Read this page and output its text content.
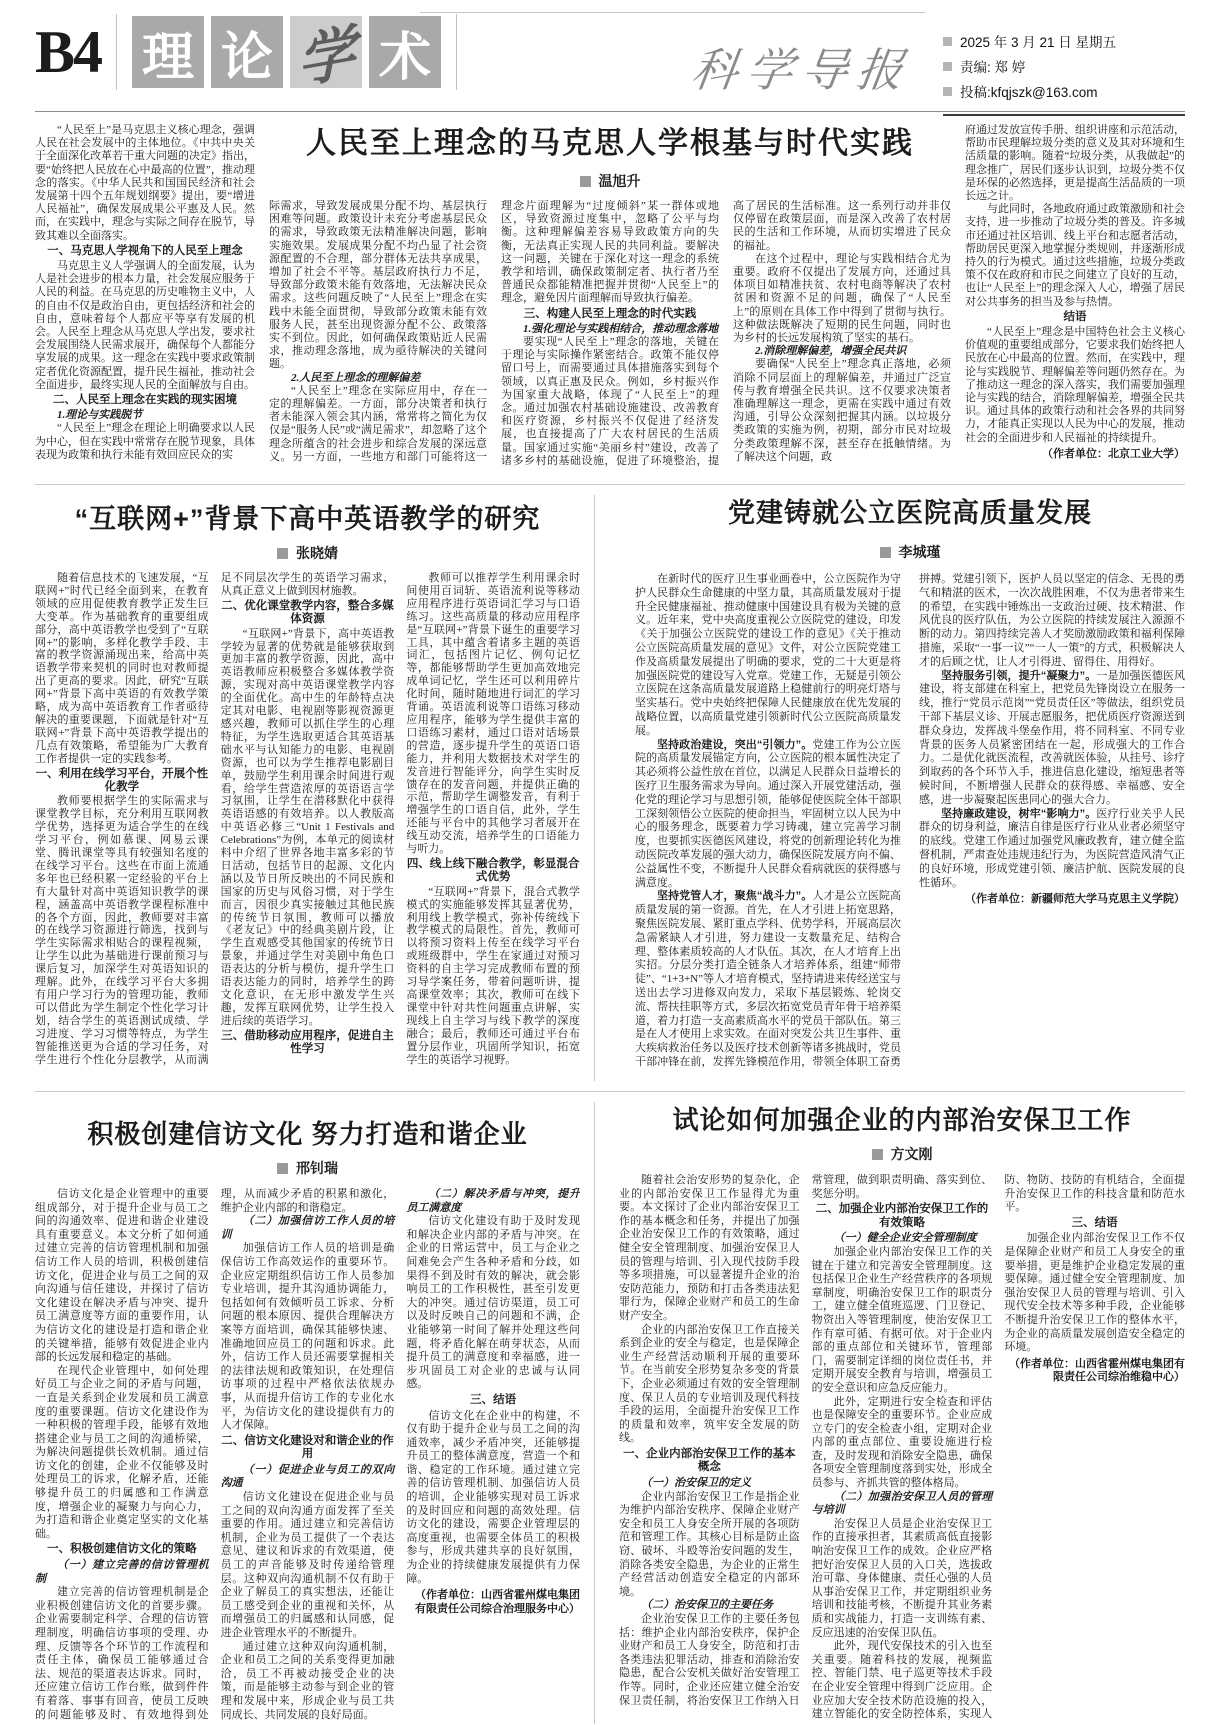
B4 理 论 学 术	科学导报
2025 年 3 月 21 日 星期五
责编: 郑 婷
投稿:kfqjszk@163.com
“人民至上”是马克思主义核心理念，强调人民在社会发展中的主体地位。《中共中央关于全面深化改革若干重大问题的决定》指出，要“始终把人民放在心中最高的位置”，推动理念的落实。《中华人民共和国国民经济和社会发展第十四个五年规划纲要》提出，要“增进人民福祉”，确保发展成果公平惠及人民。然而，在实践中，理念与实际之间存在脱节，导致其难以全面落实。
一、马克思人学视角下的人民至上理念
马克思主义人学强调人的全面发展，认为人是社会进步的根本力量，社会发展应服务于人民的利益。在马克思的历史唯物主义中，人的自由不仅是政治自由，更包括经济和社会的自由，意味着每个人都应平等享有发展的机会。人民至上理念从马克思人学出发，要求社会发展围绕人民需求展开，确保每个人都能分享发展的成果。这一理念在实践中要求政策制定者优化资源配置，提升民生福祉，推动社会全面进步，最终实现人民的全面解放与自由。
二、人民至上理念在实践的现实困境
1.理论与实践脱节
“人民至上”理念在理论上明确要求以人民为中心，但在实践中常常存在脱节现象，具体表现为政策和执行未能有效回应民众的实
人民至上理念的马克思人学根基与时代实践
温旭升
际需求，导致发展成果分配不均、基层执行困难等问题。政策设计未充分考虑基层民众的需求，导致政策无法精准解决问题，影响实施效果。发展成果分配不均凸显了社会资源配置的不合理，部分群体无法共享成果，增加了社会不平等。基层政府执行力不足，导致部分政策未能有效落地，无法解决民众需求。这些问题反映了“人民至上”理念在实践中未能全面贯彻，导致部分政策未能有效服务人民，甚至出现资源分配不公、政策落实不到位。因此，如何确保政策贴近人民需求，推动理念落地，成为亟待解决的关键问题。
2.人民至上理念的理解偏差
“人民至上”理念在实际应用中，存在一定的理解偏差。一方面，部分决策者和执行者未能深入领会其内涵，常常将之简化为仅仅是“服务人民”或“满足需求”，却忽略了这个理念所蕴含的社会进步和综合发展的深远意义。另一方面，一些地方和部门可能将这一理念片面理解为“过度倾斜”某一群体或地区，导致资源过度集中，忽略了公平与均衡。这种理解偏差容易导致政策方向的失衡，无法真正实现人民的共同利益。要解决这一问题，关键在于深化对这一理念的系统教学和培训，确保政策制定者、执行者乃至普通民众都能精准把握并贯彻“人民至上”的理念，避免因片面理解而导致执行偏差。
三、构建人民至上理念的时代实践
1.强化理论与实践相结合，推动理念落地
要实现“人民至上”理念的落地，关键在于理论与实际操作紧密结合。政策不能仅停留口号上，而需要通过具体措施落实到每个领域，以真正惠及民众。例如，乡村振兴作为国家重大战略，体现了“人民至上”的理念。通过加强农村基础设施建设、改善教育和医疗资源，乡村振兴不仅促进了经济发展，也直接提高了广大农村居民的生活质量。国家通过实施“美丽乡村”建设，改善了诸多乡村的基础设施，促进了环境整治，提高了居民的生活标准。这一系列行动并非仅仅停留在政策层面，而是深入改善了农村居民的生活和工作环境，从而切实增进了民众的福祉。
在这个过程中，理论与实践相结合尤为重要。政府不仅提出了发展方向，还通过具体项目如精准扶贫、农村电商等解决了农村贫困和资源不足的问题，确保了“人民至上”的原则在具体工作中得到了贯彻与执行。这种做法既解决了短期的民生问题，同时也为乡村的长远发展构筑了坚实的基石。
2.消除理解偏差，增强全民共识
要确保“人民至上”理念真正落地，必须消除不同层面上的理解偏差，并通过广泛宣传与教育增强全民共识。这不仅要求决策者准确理解这一理念，更需在实践中通过有效沟通，引导公众深刻把握其内涵。以垃圾分类政策的实施为例，初期，部分市民对垃圾分类政策理解不深，甚至存在抵触情绪。为了解决这个问题，政
府通过发放宣传手册、组织讲座和示范活动，帮助市民理解垃圾分类的意义及其对环境和生活质量的影响。随着“垃圾分类，从我做起”的理念推广，居民们逐步认识到，垃圾分类不仅是环保的必然选择，更是提高生活品质的一项长远之计。
与此同时，各地政府通过政策激励和社会支持，进一步推动了垃圾分类的普及。许多城市还通过社区培训、线上平台和志愿者活动，帮助居民更深入地掌握分类规则，并逐渐形成持久的行为模式。通过这些措施，垃圾分类政策不仅在政府和市民之间建立了良好的互动，也让“人民至上”的理念深入人心，增强了居民对公共事务的担当及参与热情。
结语
“人民至上”理念是中国特色社会主义核心价值观的重要组成部分，它要求我们始终把人民放在心中最高的位置。然而，在实践中，理论与实践脱节、理解偏差等问题仍然存在。为了推动这一理念的深入落实，我们需要加强理论与实践的结合，消除理解偏差，增强全民共识。通过具体的政策行动和社会各界的共同努力，才能真正实现以人民为中心的发展，推动社会的全面进步和人民福祉的持续提升。
（作者单位：北京工业大学）
“互联网+”背景下高中英语教学的研究
张晓婧
随着信息技术的飞速发展，“互联网+”时代已经全面到来，在教育领域的应用促使教育教学正发生巨大变革。作为基础教育的重要组成部分，高中英语教学也受到了“互联网+”的影响，多样化教学手段、丰富的教学资源涌现出来，给高中英语教学带来契机的同时也对教师提出了更高的要求。因此，研究“互联网+”背景下高中英语的有效教学策略，成为高中英语教育工作者亟待解决的重要课题，下面就是针对“互联网+”背景下高中英语教学提出的几点有效策略，希望能为广大教育工作者提供一定的实践参考。
一、利用在线学习平台，开展个性化教学
教师要根据学生的实际需求与课堂教学目标，充分利用互联网教学优势，选择更为适合学生的在线学习平台，例如慕课、网易云课堂、腾讯课堂等具有较强知名度的在线学习平台。这些在市面上流通多年也已经积累一定经验的平台上有大量针对高中英语知识教学的课程，涵盖高中英语教学课程标准中的各个方面，因此，教师要对丰富的在线学习资源进行筛选，找到与学生实际需求相贴合的课程视频，让学生以此为基础进行课前预习与课后复习，加深学生对英语知识的理解。此外，在线学习平台大多拥有用户学习行为的管理功能，教师可以借此为学生制定个性化学习计划，结合学生的英语测试成绩、学习进度、学习习惯等特点，为学生智能推送更为合适的学习任务，对学生进行个性化分层教学，从而满足不同层次学生的英语学习需求，从真正意义上做到因材施教。
二、优化课堂教学内容，整合多媒体资源
“互联网+”背景下，高中英语教学较为显著的优势就是能够获取到更加丰富的教学资源，因此，高中英语教师应积极整合多媒体教学资源，实现对高中英语课堂教学内容的全面优化。高中生的年龄特点决定其对电影、电视剧等影视资源更感兴趣，教师可以抓住学生的心理特征，为学生选取更适合其英语基础水平与认知能力的电影、电视剧资源，也可以为学生推荐电影剧目单，鼓励学生利用课余时间进行观看，给学生营造浓厚的英语语言学习氛围，让学生在潜移默化中获得英语语感的有效培养。以人教版高中英语必修三“Unit 1 Festivals and Celebrations”为例，本单元的阅读材料中介绍了世界各地丰富多彩的节日活动，包括节日的起源、文化内涵以及节日所反映出的不同民族和国家的历史与风俗习惯，对于学生而言，因很少真实接触过其他民族的传统节日氛围，教师可以播放《老友记》中的经典美剧片段，让学生直观感受其他国家的传统节日景象，并通过学生对美剧中角色口语表达的分析与模仿，提升学生口语表达能力的同时，培养学生的跨文化意识，在无形中激发学生兴趣，发挥互联网优势，让学生投入进后续的英语学习。
三、借助移动应用程序，促进自主性学习
教师可以推荐学生利用课余时间使用百词斩、英语流利说等移动应用程序进行英语词汇学习与口语练习。这些高质量的移动应用程序是“互联网+”背景下诞生的重要学习工具，其中蕴含着诸多主题的英语词汇，包括图片记忆、例句记忆等，都能够帮助学生更加高效地完成单词记忆，学生还可以利用碎片化时间，随时随地进行词汇的学习背诵。英语流利说等口语练习移动应用程序，能够为学生提供丰富的口语练习素材，通过口语对话场景的营造，逐步提升学生的英语口语能力，并利用大数据技术对学生的发音进行智能评分，向学生实时反馈存在的发音问题，并提供正确的示范，帮助学生调整发音，有利于增强学生的口语自信，此外，学生还能与平台中的其他学习者展开在线互动交流，培养学生的口语能力与听力。
四、线上线下融合教学，彰显混合式优势
“互联网+”背景下，混合式教学模式的实施能够发挥其显著优势，利用线上教学模式，弥补传统线下教学模式的局限性。首先，教师可以将预习资料上传至在线学习平台或班级群中，学生在家通过对预习资料的自主学习完成教师布置的预习导学案任务，带着问题听讲，提高课堂效率；其次，教师可在线下课堂中针对共性问题重点讲解，实现线上自主学习与线下教学的深度融合；最后，教师还可通过平台布置分层作业，巩固所学知识，拓宽学生的英语学习视野。
党建铸就公立医院高质量发展
李城瑾
在新时代的医疗卫生事业画卷中，公立医院作为守护人民群众生命健康的中坚力量，其高质量发展对于提升全民健康福祉、推动健康中国建设具有极为关键的意义。近年来，党中央高度重视公立医院党的建设，印发《关于加强公立医院党的建设工作的意见》《关于推动公立医院高质量发展的意见》文件，对公立医院党建工作及高质量发展提出了明确的要求，党的二十大更是将加强医院党的建设写入党章。党建工作，无疑是引领公立医院在这条高质量发展道路上稳健前行的明亮灯塔与坚实基石。党中央始终把保障人民健康放在优先发展的战略位置，以高质量党建引领新时代公立医院高质量发展。
坚持政治建设，突出“引领力”。党建工作为公立医院的高质量发展锚定方向，公立医院的根本属性决定了其必须将公益性放在首位，以满足人民群众日益增长的医疗卫生服务需求为导向。通过深入开展党建活动，强化党的理论学习与思想引领，能够促使医院全体干部职工深刻领悟公立医院的使命担当，牢固树立以人民为中心的服务理念，既要着力学习铸魂，建立完善学习制度，也要抓实医德医风建设，将党的创新理论转化为推动医院改革发展的强大动力，确保医院发展方向不偏、公益属性不变，不断提升人民群众看病就医的获得感与满意度。
坚持党管人才，聚焦“战斗力”。人才是公立医院高质量发展的第一资源。首先，在人才引进上拓宽思路，聚焦医院发展、紧盯重点学科、优势学科，开展高层次急需紧缺人才引进，努力建设一支数量充足、结构合理、整体素质较高的人才队伍。其次，在人才培育上出实招。分层分类打造全链条人才培养体系，组建“师带徒”、“1+3+N”等人才培育模式，坚持请进来传经送宝与送出去学习进修双向发力，采取下基层锻炼、轮岗交流、帮扶挂职等方式，多层次拓宽党员青年骨干培养渠道，着力打造一支高素质高水平的党员干部队伍。第三是在人才使用上求实效。在面对突发公共卫生事件、重大疾病救治任务以及医疗技术创新等诸多挑战时，党员干部冲锋在前，发挥先锋模范作用，带领全体职工奋勇拼搏。党建引领下，医护人员以坚定的信念、无畏的勇气和精湛的医术，一次次战胜困难，不仅为患者带来生的希望，在实践中锤炼出一支政治过硬、技术精湛、作风优良的医疗队伍，为公立医院的持续发展注入源源不断的动力。第四持续完善人才奖励激励政策和福利保障措施，采取“一事一议”“一人一策”的方式，积极解决人才的后顾之忧，让人才引得进、留得住、用得好。
坚持服务引领，提升“凝聚力”。一是加强医德医风建设，将支部建在科室上，把党员先锋岗设立在服务一线，推行“党员示范岗”“党员责任区”等做法，组织党员干部下基层义诊、开展志愿服务，把优质医疗资源送到群众身边，发挥战斗堡垒作用，将不同科室、不同专业背景的医务人员紧密团结在一起，形成强大的工作合力。二是优化就医流程，改善就医体验，从挂号、诊疗到取药的各个环节入手，推进信息化建设，缩短患者等候时间，不断增强人民群众的获得感、幸福感、安全感，进一步凝聚起医患同心的强大合力。
坚持廉政建设，树牢“影响力”。医疗行业关乎人民群众的切身利益，廉洁自律是医疗行业从业者必须坚守的底线。党建工作通过加强党风廉政教育，建立健全监督机制，严肃查处违规违纪行为，为医院营造风清气正的良好环境，形成党建引领、廉洁护航、医院发展的良性循环。
（作者单位：新疆师范大学马克思主义学院）
积极创建信访文化 努力打造和谐企业
邢钊瑞
信访文化是企业管理中的重要组成部分，对于提升企业与员工之间的沟通效率、促进和谐企业建设具有重要意义。本文分析了如何通过建立完善的信访管理机制和加强信访工作人员的培训，积极创建信访文化，促进企业与员工之间的双向沟通与信任建设，并探讨了信访文化建设在解决矛盾与冲突、提升员工满意度等方面的重要作用，认为信访文化的建设是打造和谐企业的关键举措，能够有效促进企业内部的长远发展和稳定的基础。
在现代企业管理中，如何处理好员工与企业之间的矛盾与问题，一直是关系到企业发展和员工满意度的重要课题。信访文化建设作为一种积极的管理手段，能够有效地搭建企业与员工之间的沟通桥梁，为解决问题提供长效机制。通过信访文化的创建，企业不仅能够及时处理员工的诉求，化解矛盾，还能够提升员工的归属感和工作满意度，增强企业的凝聚力与向心力，为打造和谐企业奠定坚实的文化基础。
一、积极创建信访文化的策略
（一）建立完善的信访管理机制
建立完善的信访管理机制是企业积极创建信访文化的首要步骤。企业需要制定科学、合理的信访管理制度，明确信访事项的受理、办理、反馈等各个环节的工作流程和责任主体，确保员工能够通过合法、规范的渠道表达诉求。同时，还应建立信访工作台账，做到件件有着落、事事有回音，使员工反映的问题能够及时、有效地得到处理，从而减少矛盾的积累和激化，维护企业内部的和谐稳定。
（二）加强信访工作人员的培训
加强信访工作人员的培训是确保信访工作高效运作的重要环节。企业应定期组织信访工作人员参加专业培训，提升其沟通协调能力，包括如何有效倾听员工诉求、分析问题的根本原因、提供合理解决方案等方面培训，确保其能够快速、准确地回应员工的问题和诉求。此外，信访工作人员还需要掌握相关的法律法规和政策知识，在处理信访事项的过程中严格依法依规办事，从而提升信访工作的专业化水平，为信访文化的建设提供有力的人才保障。
二、信访文化建设对和谐企业的作用
（一）促进企业与员工的双向沟通
信访文化建设在促进企业与员工之间的双向沟通方面发挥了至关重要的作用。通过建立和完善信访机制，企业为员工提供了一个表达意见、建议和诉求的有效渠道，使员工的声音能够及时传递给管理层。这种双向沟通机制不仅有助于企业了解员工的真实想法，还能让员工感受到企业的重视和关怀，从而增强员工的归属感和认同感，促进企业管理水平的不断提升。
通过建立这种双向沟通机制，企业和员工之间的关系变得更加融洽，员工不再被动接受企业的决策，而是能够主动参与到企业的管理和发展中来，形成企业与员工共同成长、共同发展的良好局面。
（二）解决矛盾与冲突，提升员工满意度
信访文化建设有助于及时发现和解决企业内部的矛盾与冲突。在企业的日常运营中，员工与企业之间难免会产生各种矛盾和分歧，如果得不到及时有效的解决，就会影响员工的工作积极性，甚至引发更大的冲突。通过信访渠道，员工可以及时反映自己的问题和不满，企业能够第一时间了解并处理这些问题，将矛盾化解在萌芽状态，从而提升员工的满意度和幸福感，进一步巩固员工对企业的忠诚与认同感。
三、结语
信访文化在企业中的构建，不仅有助于提升企业与员工之间的沟通效率，减少矛盾冲突，还能够提升员工的整体满意度，营造一个和谐、稳定的工作环境。通过建立完善的信访管理机制、加强信访人员的培训，企业能够实现对员工诉求的及时回应和问题的高效处理。信访文化的建设，需要企业管理层的高度重视，也需要全体员工的积极参与，形成共建共享的良好氛围，为企业的持续健康发展提供有力保障。
（作者单位：山西省霍州煤电集团有限责任公司综合治理服务中心）
试论如何加强企业的内部治安保卫工作
方文刚
随着社会治安形势的复杂化，企业的内部治安保卫工作显得尤为重要。本文探讨了企业内部治安保卫工作的基本概念和任务，并提出了加强企业治安保卫工作的有效策略，通过健全安全管理制度、加强治安保卫人员的管理与培训、引入现代技防手段等多项措施，可以显著提升企业的治安防范能力，预防和打击各类违法犯罪行为，保障企业财产和员工的生命财产安全。
企业的内部治安保卫工作直接关系到企业的安全与稳定，也是保障企业生产经营活动顺利开展的重要环节。在当前安全形势复杂多变的背景下，企业必须通过有效的安全管理制度、保卫人员的专业培训及现代科技手段的运用，全面提升治安保卫工作的质量和效率，筑牢安全发展的防线。
一、企业内部治安保卫工作的基本概念
（一）治安保卫的定义
企业内部治安保卫工作是指企业为维护内部治安秩序、保障企业财产安全和员工人身安全所开展的各项防范和管理工作。其核心目标是防止盗窃、破坏、斗殴等治安问题的发生，消除各类安全隐患，为企业的正常生产经营活动创造安全稳定的内部环境。
（二）治安保卫的主要任务
企业治安保卫工作的主要任务包括：维护企业内部治安秩序，保护企业财产和员工人身安全，防范和打击各类违法犯罪活动，排查和消除治安隐患，配合公安机关做好治安管理工作等。同时，企业还应建立健全治安保卫责任制，将治安保卫工作纳入日常管理，做到职责明确、落实到位、奖惩分明。
二、加强企业内部治安保卫工作的有效策略
（一）健全企业安全管理制度
加强企业内部治安保卫工作的关键在于建立和完善安全管理制度。这包括保卫企业生产经营秩序的各项规章制度，明确治安保卫工作的职责分工，建立健全值班巡逻、门卫登记、物资出入等管理制度，使治安保卫工作有章可循、有据可依。对于企业内部的重点部位和关键环节，管理部门，需要制定详细的岗位责任书，并定期开展安全教育与培训，增强员工的安全意识和应急反应能力。
此外，定期进行安全检查和评估也是保障安全的重要环节。企业应成立专门的安全检查小组，定期对企业内部的重点部位、重要设施进行检查，及时发现和消除安全隐患，确保各项安全管理制度落到实处，形成全员参与、齐抓共管的整体格局。
（二）加强治安保卫人员的管理与培训
治安保卫人员是企业治安保卫工作的直接承担者，其素质高低直接影响治安保卫工作的成效。企业应严格把好治安保卫人员的入口关，选拔政治可靠、身体健康、责任心强的人员从事治安保卫工作，并定期组织业务培训和技能考核，不断提升其业务素质和实战能力，打造一支训练有素、反应迅速的治安保卫队伍。
此外，现代安保技术的引入也至关重要。随着科技的发展，视频监控、智能门禁、电子巡更等技术手段在企业安全管理中得到广泛应用。企业应加大安全技术防范设施的投入，建立智能化的安全防控体系，实现人防、物防、技防的有机结合，全面提升治安保卫工作的科技含量和防范水平。
三、结语
加强企业内部治安保卫工作不仅是保障企业财产和员工人身安全的重要举措，更是维护企业稳定发展的重要保障。通过健全安全管理制度、加强治安保卫人员的管理与培训、引入现代安全技术等多种手段，企业能够不断提升治安保卫工作的整体水平，为企业的高质量发展创造安全稳定的环境。
（作者单位：山西省霍州煤电集团有限责任公司综治维稳中心）
